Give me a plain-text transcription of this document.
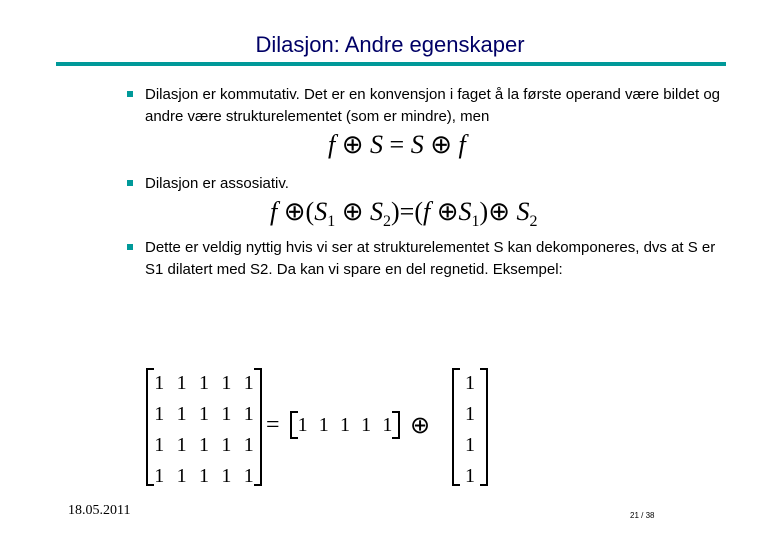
Dilasjon: Andre egenskaper
Dilasjon er kommutativ. Det er en konvensjon i faget å la første operand være bildet og andre være strukturelementet (som er mindre), men
f ⊕ S = S ⊕ f
Dilasjon er assosiativ.
f $\oplus(S_1$ ⊕ $S_2)=(f$ $\oplus S_1)\oplus$ $S_2$
Dette er veldig nyttig hvis vi ser at strukturelementet S kan dekomponeres, dvs at S er S1 dilatert med S2. Da kan vi spare en del regnetid. Eksempel:
1 1 1 1 1
1 1 1 1 1
1 1 1 1 1
1 1 1 1 1
= 1 1 1 1 1 ⊕
1
1
1
1
18.05.2011	21 / 38
